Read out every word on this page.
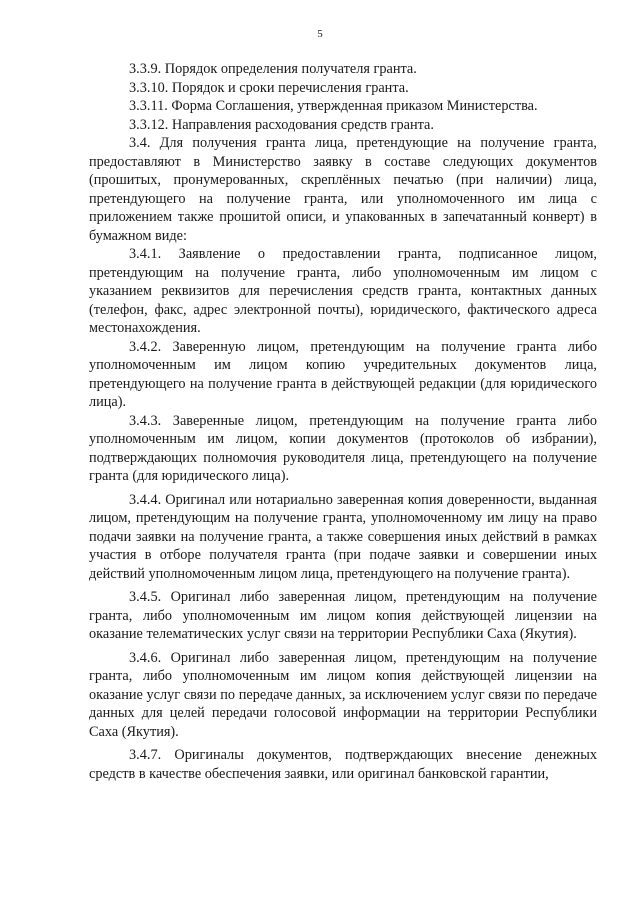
5

3.3.9. Порядок определения получателя гранта.

3.3.10. Порядок и сроки перечисления гранта.

3.3.11. Форма Соглашения, утвержденная приказом Министерства.

3.3.12. Направления расходования средств гранта.

3.4. Для получения гранта лица, претендующие на получение гранта, предоставляют в Министерство заявку в составе следующих документов (прошитых, пронумерованных, скреплённых печатью (при наличии) лица, претендующего на получение гранта, или уполномоченного им лица с приложением также прошитой описи, и упакованных в запечатанный конверт) в бумажном виде:

3.4.1. Заявление о предоставлении гранта, подписанное лицом, претендующим на получение гранта, либо уполномоченным им лицом с указанием реквизитов для перечисления средств гранта, контактных данных (телефон, факс, адрес электронной почты), юридического, фактического адреса местонахождения.

3.4.2. Заверенную лицом, претендующим на получение гранта либо уполномоченным им лицом копию учредительных документов лица, претендующего на получение гранта в действующей редакции (для юридического лица).

3.4.3. Заверенные лицом, претендующим на получение гранта либо уполномоченным им лицом, копии документов (протоколов об избрании), подтверждающих полномочия руководителя лица, претендующего на получение гранта (для юридического лица).

3.4.4. Оригинал или нотариально заверенная копия доверенности, выданная лицом, претендующим на получение гранта, уполномоченному им лицу на право подачи заявки на получение гранта, а также совершения иных действий в рамках участия в отборе получателя гранта (при подаче заявки и совершении иных действий уполномоченным лицом лица, претендующего на получение гранта).

3.4.5. Оригинал либо заверенная лицом, претендующим на получение гранта, либо уполномоченным им лицом копия действующей лицензии на оказание телематических услуг связи на территории Республики Саха (Якутия).

3.4.6. Оригинал либо заверенная лицом, претендующим на получение гранта, либо уполномоченным им лицом копия действующей лицензии на оказание услуг связи по передаче данных, за исключением услуг связи по передаче данных для целей передачи голосовой информации на территории Республики Саха (Якутия).

3.4.7. Оригиналы документов, подтверждающих внесение денежных средств в качестве обеспечения заявки, или оригинал банковской гарантии,
